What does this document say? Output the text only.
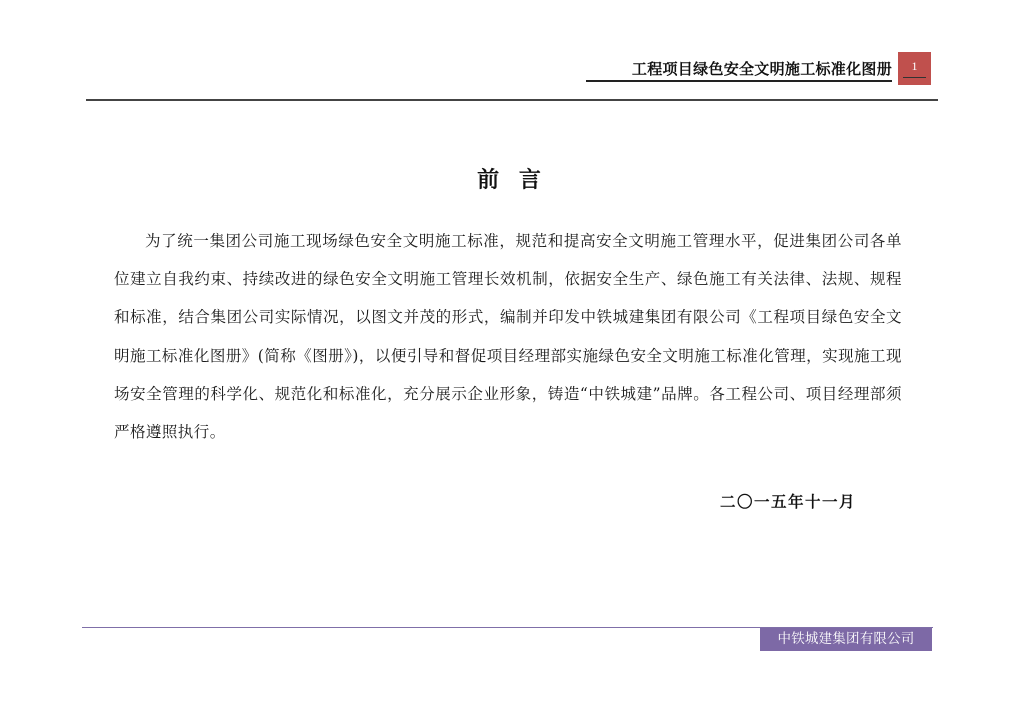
工程项目绿色安全文明施工标准化图册	1
前 言

为了统一集团公司施工现场绿色安全文明施工标准，规范和提高安全文明施工管理水平，促进集团公司各单位建立自我约束、持续改进的绿色安全文明施工管理长效机制，依据安全生产、绿色施工有关法律、法规、规程和标准，结合集团公司实际情况，以图文并茂的形式，编制并印发中铁城建集团有限公司《工程项目绿色安全文明施工标准化图册》(简称《图册》)，以便引导和督促项目经理部实施绿色安全文明施工标准化管理，实现施工现场安全管理的科学化、规范化和标准化，充分展示企业形象，铸造“中铁城建”品牌。各工程公司、项目经理部须严格遵照执行。

二〇一五年十一月
中铁城建集团有限公司
